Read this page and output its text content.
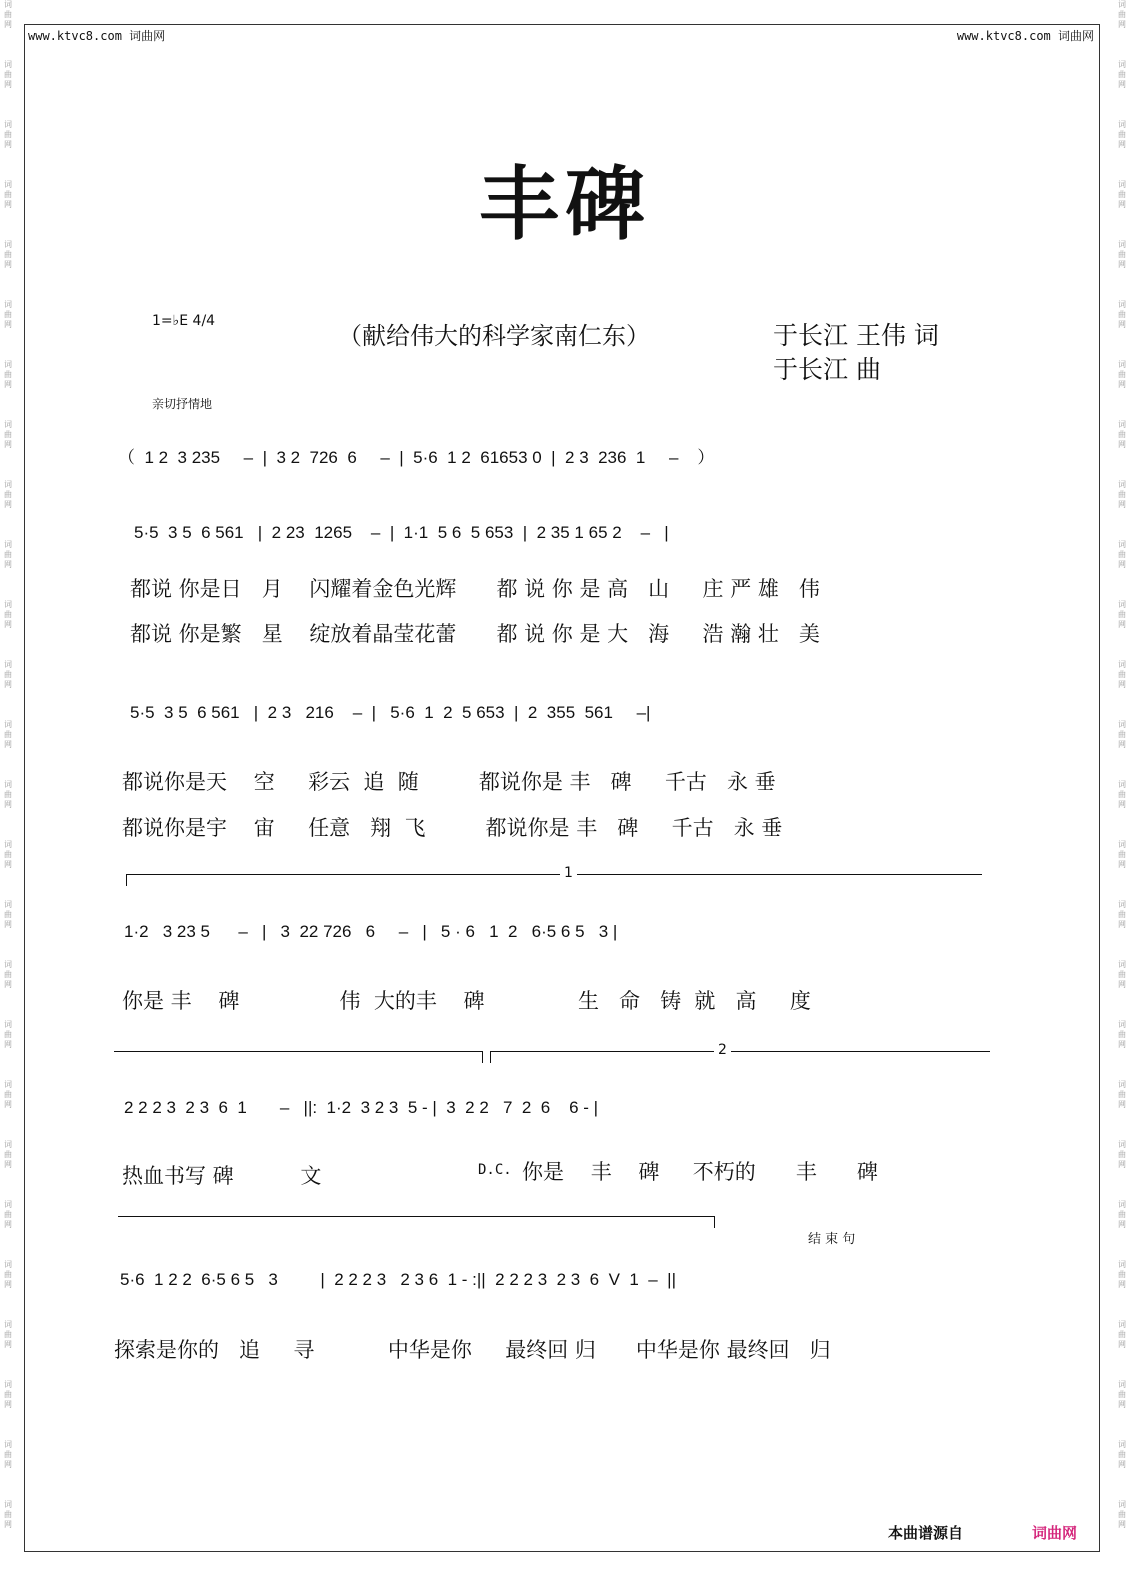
词曲网
词曲网
词曲网
词曲网
词曲网
词曲网
词曲网
词曲网
词曲网
词曲网
词曲网
词曲网
词曲网
词曲网
词曲网
词曲网
词曲网
词曲网
词曲网
词曲网
词曲网
词曲网
词曲网
词曲网
词曲网
词曲网
词曲网
词曲网
词曲网
词曲网
词曲网
词曲网
词曲网
词曲网
词曲网
词曲网
词曲网
词曲网
词曲网
词曲网
词曲网
词曲网
词曲网
词曲网
词曲网
词曲网
词曲网
词曲网
词曲网
词曲网
词曲网
词曲网
www.ktvc8.com 词曲网	www.ktvc8.com 词曲网
丰碑
1=♭E 4/4
（献给伟大的科学家南仁东）	于长江 王伟 词
于长江 曲
亲切抒情地
（  1 2  3 235     –  |  3 2  726  6     –  |  5·6  1 2  61653 0  |  2 3  236  1     –    ）
5·5  3 5  6 561   |  2 23  1265    –  |  1·1  5 6  5 653  |  2 35 1 65 2    –   |
都说 你是日   月    闪耀着金色光辉      都 说 你 是 高   山     庄 严 雄   伟
都说 你是繁   星    绽放着晶莹花蕾      都 说 你 是 大   海     浩 瀚 壮   美
5·5  3 5  6 561   |  2 3   216    –  |   5·6  1  2  5 653  |  2  355  561     –|
都说你是天    空     彩云  追  随         都说你是 丰   碑     千古   永 垂
都说你是宇    宙     任意   翔  飞         都说你是 丰   碑     千古   永 垂
1
1·2   3 23 5      –   |   3  22 726   6     –   |   5 · 6   1  2   6·5 6 5   3 |
你是 丰    碑               伟  大的丰    碑              生   命   铸  就   高     度
2
2 2 2 3  2 3  6  1       –   ||:  1·2  3 2 3  5 - |  3  2 2   7  2  6    6 - |
热血书写 碑          文	D.C. 你是    丰    碑     不朽的      丰      碑
结 束 句
5·6  1 2 2  6·5 6 5   3         |  2 2 2 3   2 3 6  1 - :||  2 2 2 3  2 3  6  V  1  –  ||
探索是你的   追     寻           中华是你     最终回 归      中华是你 最终回   归
本曲谱源自	词曲网
